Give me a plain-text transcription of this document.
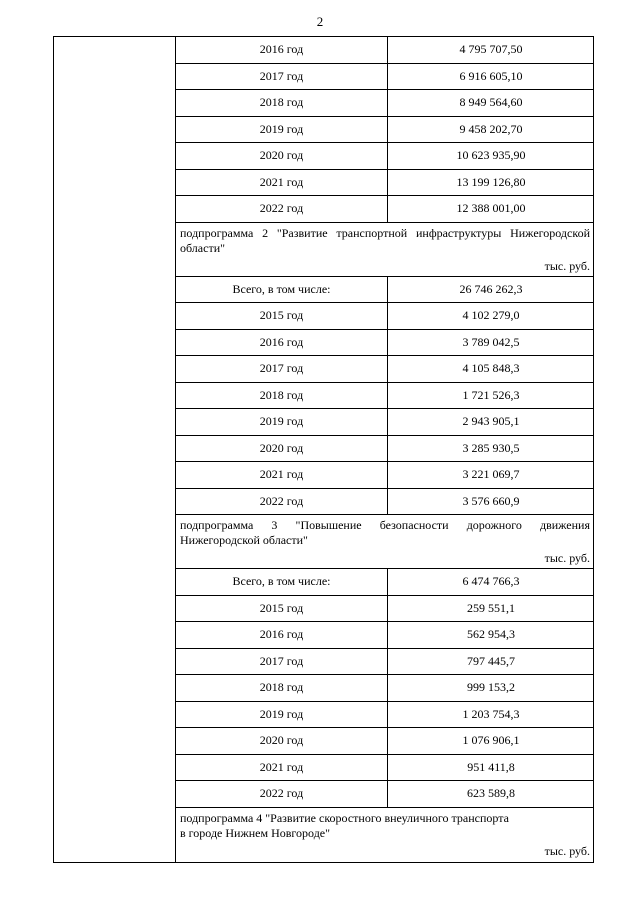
2
2016 год	4 795 707,50
2017 год	6 916 605,10
2018 год	8 949 564,60
2019 год	9 458 202,70
2020 год	10 623 935,90
2021 год	13 199 126,80
2022 год	12 388 001,00
подпрограмма 2 "Развитие транспортной инфраструктуры Нижегородской области"
тыс. руб.
Всего, в том числе:	26 746 262,3
2015 год	4 102 279,0
2016 год	3 789 042,5
2017 год	4 105 848,3
2018 год	1 721 526,3
2019 год	2 943 905,1
2020 год	3 285 930,5
2021 год	3 221 069,7
2022 год	3 576 660,9
подпрограмма 3 "Повышение безопасности дорожного движения Нижегородской области"
тыс. руб.
Всего, в том числе:	6 474 766,3
2015 год	259 551,1
2016 год	562 954,3
2017 год	797 445,7
2018 год	999 153,2
2019 год	1 203 754,3
2020 год	1 076 906,1
2021 год	951 411,8
2022 год	623 589,8
подпрограмма 4 "Развитие скоростного внеуличного транспорта
в городе Нижнем Новгороде"
тыс. руб.
